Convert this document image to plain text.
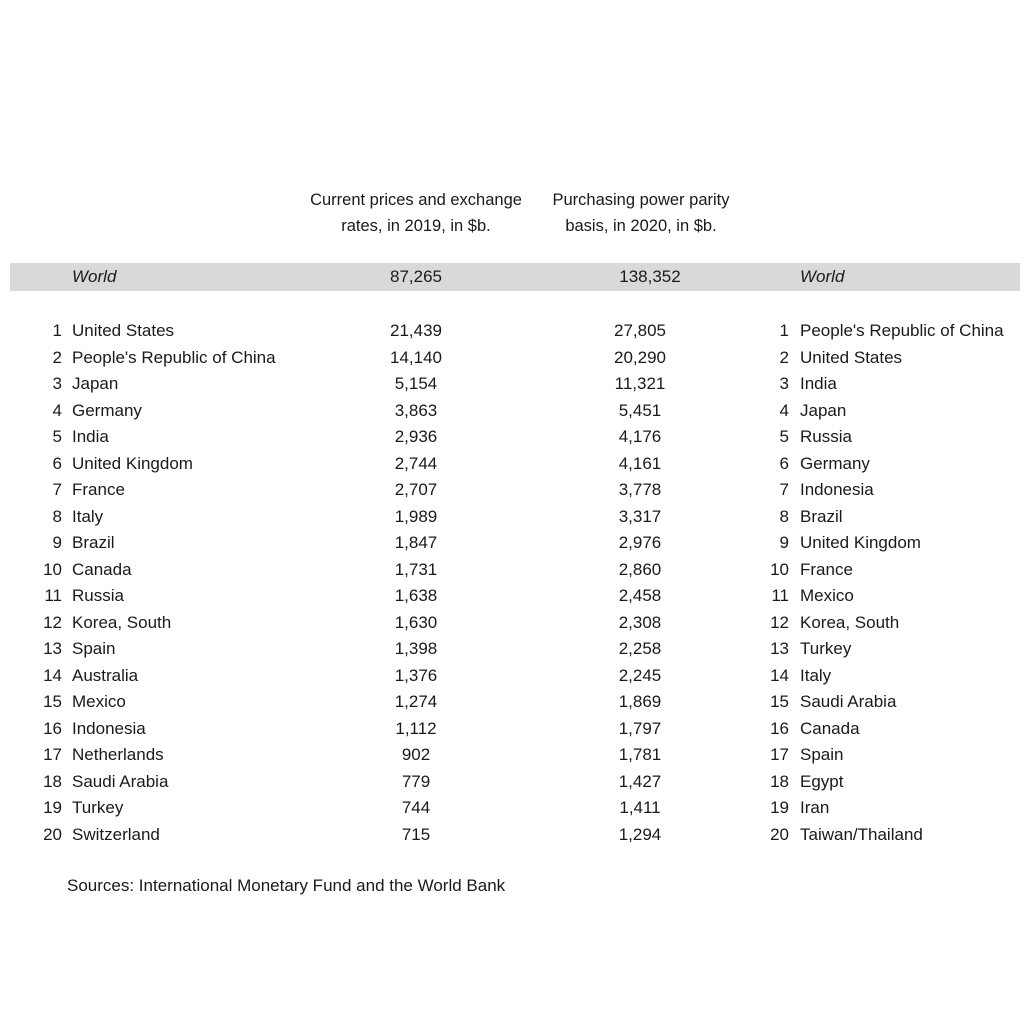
Current prices and exchange
rates, in 2019, in $b.
Purchasing power parity
basis, in 2020, in $b.
World	87,265	138,352	World
1 United States	21,439	27,805	1 People's Republic of China
2 People's Republic of China	14,140	20,290	2 United States
3 Japan	5,154	11,321	3 India
4 Germany	3,863	5,451	4 Japan
5 India	2,936	4,176	5 Russia
6 United Kingdom	2,744	4,161	6 Germany
7 France	2,707	3,778	7 Indonesia
8 Italy	1,989	3,317	8 Brazil
9 Brazil	1,847	2,976	9 United Kingdom
10 Canada	1,731	2,860	10 France
11 Russia	1,638	2,458	11 Mexico
12 Korea, South	1,630	2,308	12 Korea, South
13 Spain	1,398	2,258	13 Turkey
14 Australia	1,376	2,245	14 Italy
15 Mexico	1,274	1,869	15 Saudi Arabia
16 Indonesia	1,112	1,797	16 Canada
17 Netherlands	902	1,781	17 Spain
18 Saudi Arabia	779	1,427	18 Egypt
19 Turkey	744	1,411	19 Iran
20 Switzerland	715	1,294	20 Taiwan/Thailand
Sources: International Monetary Fund and the World Bank
